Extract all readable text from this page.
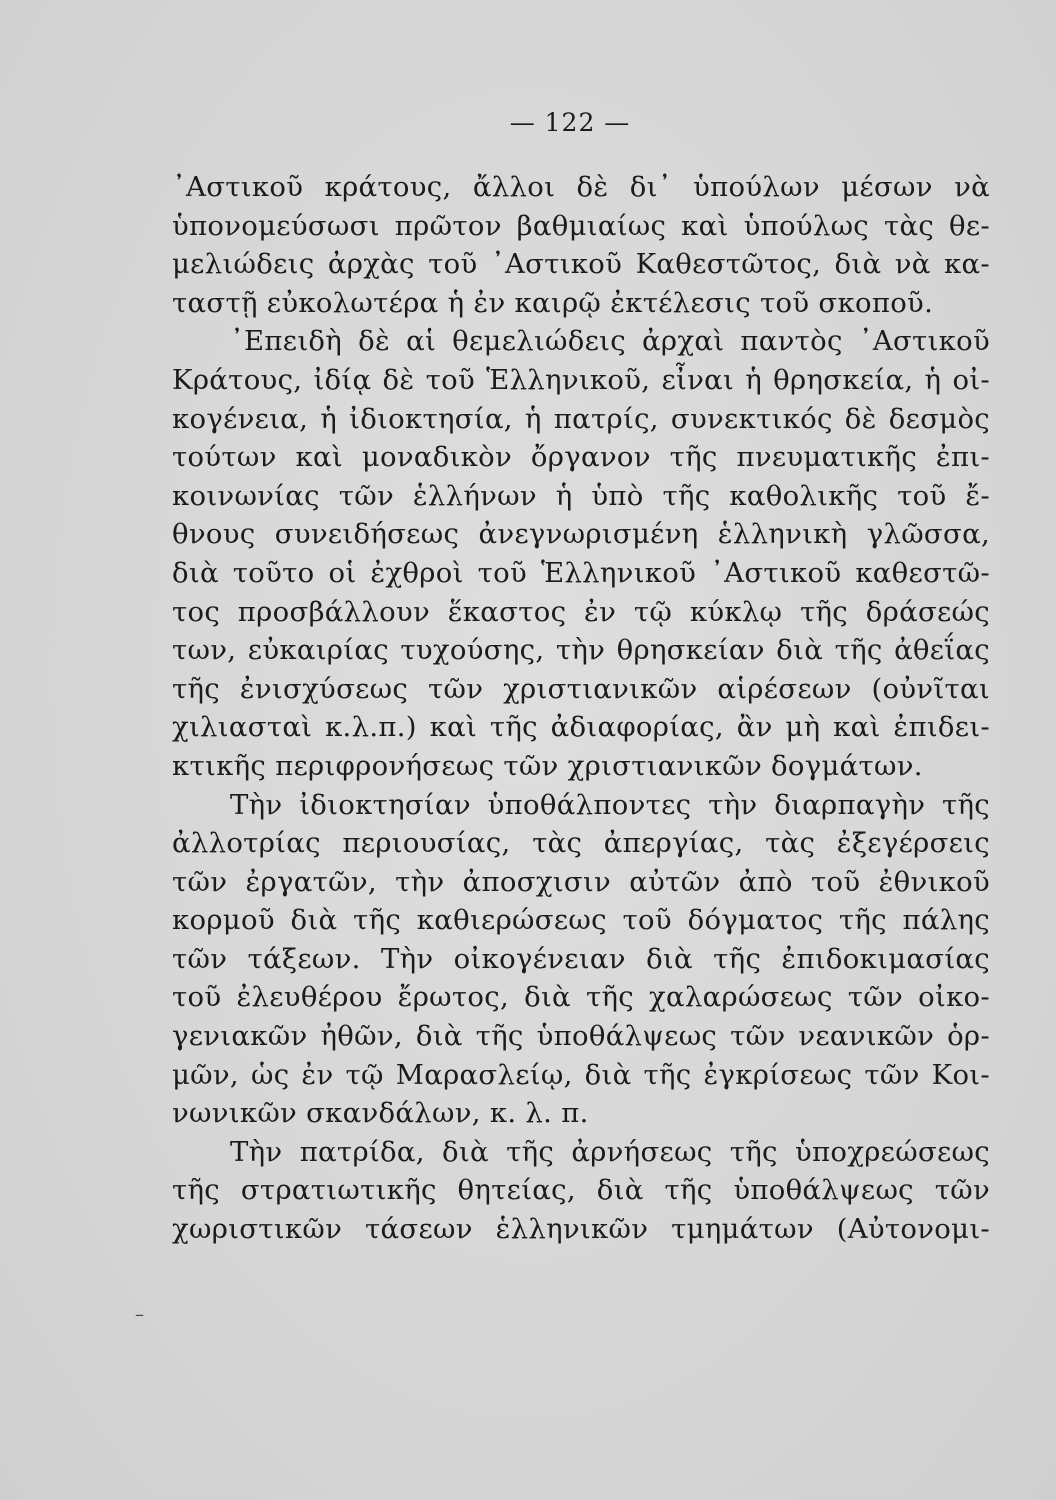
— 122 —
᾿Αστικοῦ κράτους, ἄλλοι δὲ δι᾿ ὑπούλων μέσων νὰ
ὑπονομεύσωσι πρῶτον βαθμιαίως καὶ ὑπούλως τὰς θε-
μελιώδεις ἀρχὰς τοῦ ᾿Αστικοῦ Καθεστῶτος, διὰ νὰ κα-
ταστῇ εὐκολωτέρα ἡ ἐν καιρῷ ἐκτέλεσις τοῦ σκοποῦ.
᾿Επειδὴ δὲ αἱ θεμελιώδεις ἀρχαὶ παντὸς ᾿Αστικοῦ
Κράτους, ἰδίᾳ δὲ τοῦ Ἑλληνικοῦ, εἶναι ἡ θρησκεία, ἡ οἰ-
κογένεια, ἡ ἰδιοκτησία, ἡ πατρίς, συνεκτικός δὲ δεσμὸς
τούτων καὶ μοναδικὸν ὄργανον τῆς πνευματικῆς ἐπι-
κοινωνίας τῶν ἑλλήνων ἡ ὑπὸ τῆς καθολικῆς τοῦ ἔ-
θνους συνειδήσεως ἀνεγνωρισμένη ἑλληνικὴ γλῶσσα,
διὰ τοῦτο οἱ ἐχθροὶ τοῦ Ἑλληνικοῦ ᾿Αστικοῦ καθεστῶ-
τος προσβάλλουν ἕκαστος ἐν τῷ κύκλῳ τῆς δράσεώς
των, εὐκαιρίας τυχούσης, τὴν θρησκείαν διὰ τῆς ἀθεΐας
τῆς ἐνισχύσεως τῶν χριστιανικῶν αἱρέσεων (οὐνῖται
χιλιασταὶ κ.λ.π.) καὶ τῆς ἀδιαφορίας, ἂν μὴ καὶ ἐπιδει-
κτικῆς περιφρονήσεως τῶν χριστιανικῶν δογμάτων.
Τὴν ἰδιοκτησίαν ὑποθάλποντες τὴν διαρπαγὴν τῆς
ἀλλοτρίας περιουσίας, τὰς ἀπεργίας, τὰς ἐξεγέρσεις
τῶν ἐργατῶν, τὴν ἀποσχισιν αὐτῶν ἀπὸ τοῦ ἐθνικοῦ
κορμοῦ διὰ τῆς καθιερώσεως τοῦ δόγματος τῆς πάλης
τῶν τάξεων. Τὴν οἰκογένειαν διὰ τῆς ἐπιδοκιμασίας
τοῦ ἐλευθέρου ἔρωτος, διὰ τῆς χαλαρώσεως τῶν οἰκο-
γενιακῶν ἠθῶν, διὰ τῆς ὑποθάλψεως τῶν νεανικῶν ὁρ-
μῶν, ὡς ἐν τῷ Μαρασλείῳ, διὰ τῆς ἐγκρίσεως τῶν Κοι-
νωνικῶν σκανδάλων, κ. λ. π.
Τὴν πατρίδα, διὰ τῆς ἀρνήσεως τῆς ὑποχρεώσεως
τῆς στρατιωτικῆς θητείας, διὰ τῆς ὑποθάλψεως τῶν
χωριστικῶν τάσεων ἑλληνικῶν τμημάτων (Αὐτονομι-
–
